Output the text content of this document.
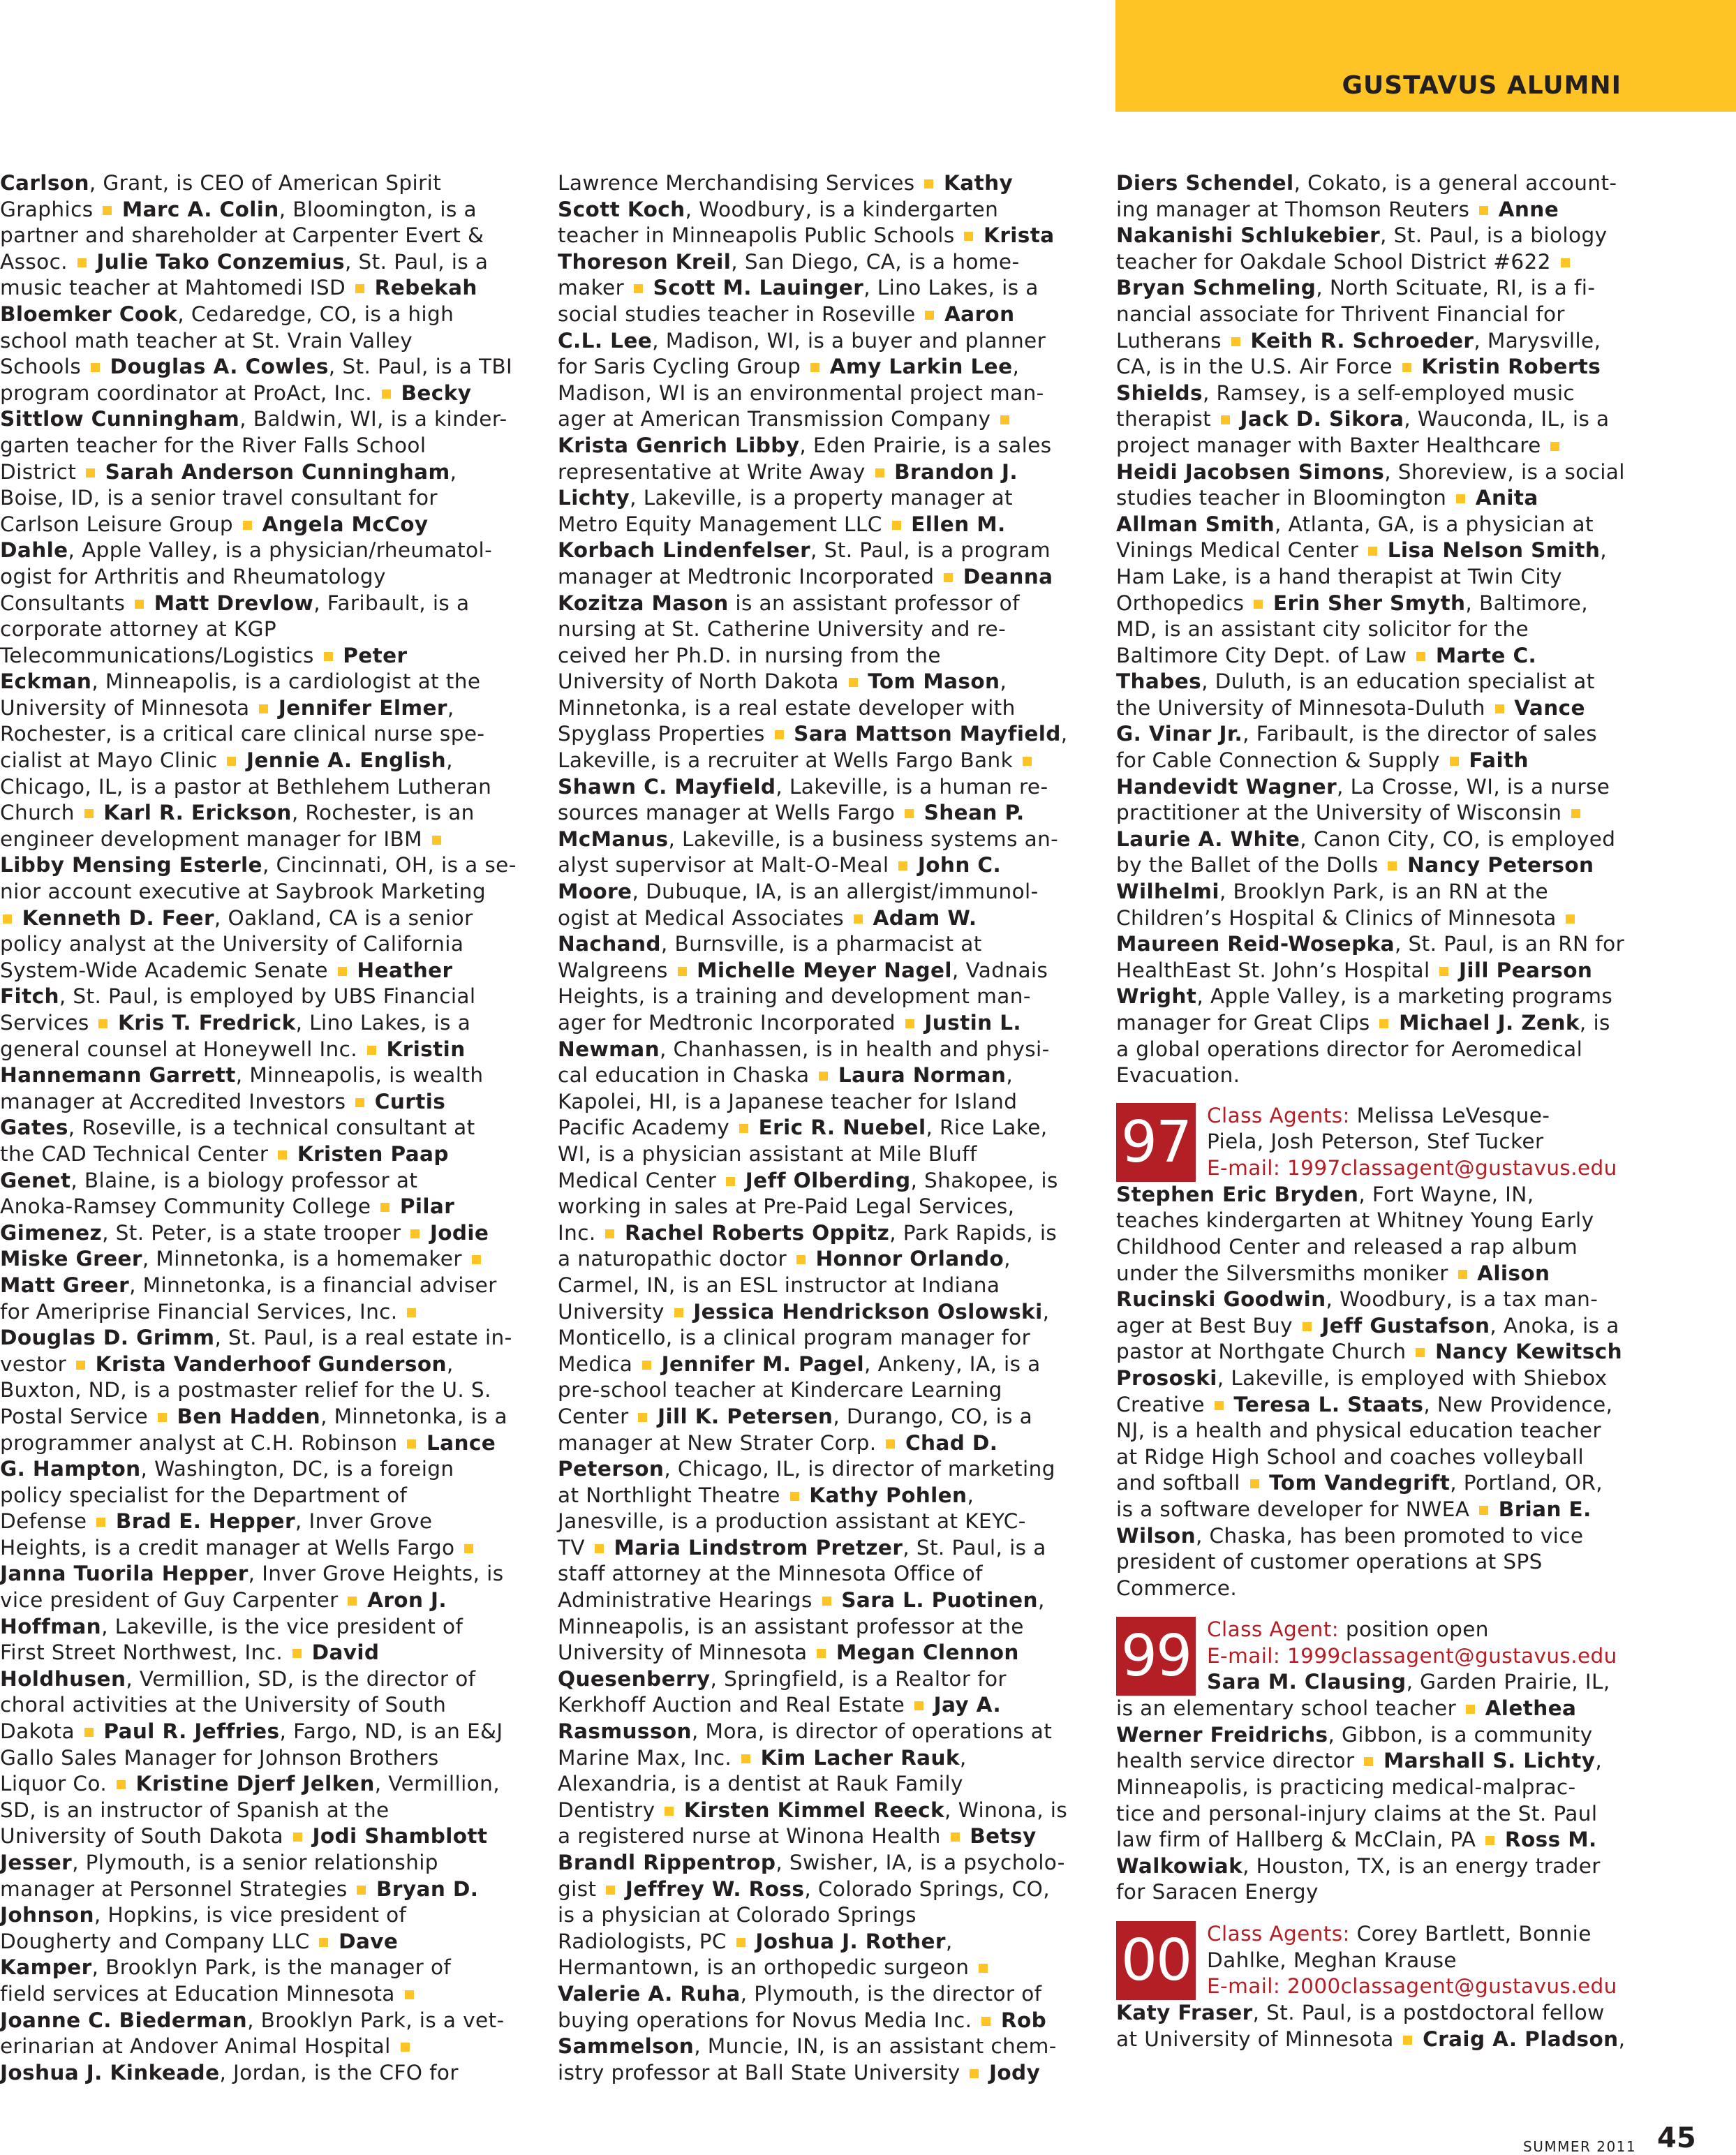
GUSTAVUS ALUMNI
Carlson, Grant, is CEO of American Spirit
Graphics  Marc A. Colin, Bloomington, is a
partner and shareholder at Carpenter Evert &
Assoc.  Julie Tako Conzemius, St. Paul, is a
music teacher at Mahtomedi ISD  Rebekah
Bloemker Cook, Cedaredge, CO, is a high
school math teacher at St. Vrain Valley
Schools  Douglas A. Cowles, St. Paul, is a TBI
program coordinator at ProAct, Inc.  Becky
Sittlow Cunningham, Baldwin, WI, is a kinder-
garten teacher for the River Falls School
District  Sarah Anderson Cunningham,
Boise, ID, is a senior travel consultant for
Carlson Leisure Group  Angela McCoy
Dahle, Apple Valley, is a physician/rheumatol-
ogist for Arthritis and Rheumatology
Consultants  Matt Drevlow, Faribault, is a
corporate attorney at KGP
Telecommunications/Logistics  Peter
Eckman, Minneapolis, is a cardiologist at the
University of Minnesota  Jennifer Elmer,
Rochester, is a critical care clinical nurse spe-
cialist at Mayo Clinic  Jennie A. English,
Chicago, IL, is a pastor at Bethlehem Lutheran
Church  Karl R. Erickson, Rochester, is an
engineer development manager for IBM
Libby Mensing Esterle, Cincinnati, OH, is a se-
nior account executive at Saybrook Marketing
Kenneth D. Feer, Oakland, CA is a senior
policy analyst at the University of California
System-Wide Academic Senate  Heather
Fitch, St. Paul, is employed by UBS Financial
Services  Kris T. Fredrick, Lino Lakes, is a
general counsel at Honeywell Inc.  Kristin
Hannemann Garrett, Minneapolis, is wealth
manager at Accredited Investors  Curtis
Gates, Roseville, is a technical consultant at
the CAD Technical Center  Kristen Paap
Genet, Blaine, is a biology professor at
Anoka-Ramsey Community College  Pilar
Gimenez, St. Peter, is a state trooper  Jodie
Miske Greer, Minnetonka, is a homemaker
Matt Greer, Minnetonka, is a financial adviser
for Ameriprise Financial Services, Inc.
Douglas D. Grimm, St. Paul, is a real estate in-
vestor  Krista Vanderhoof Gunderson,
Buxton, ND, is a postmaster relief for the U. S.
Postal Service  Ben Hadden, Minnetonka, is a
programmer analyst at C.H. Robinson  Lance
G. Hampton, Washington, DC, is a foreign
policy specialist for the Department of
Defense  Brad E. Hepper, Inver Grove
Heights, is a credit manager at Wells Fargo
Janna Tuorila Hepper, Inver Grove Heights, is
vice president of Guy Carpenter  Aron J.
Hoffman, Lakeville, is the vice president of
First Street Northwest, Inc.  David
Holdhusen, Vermillion, SD, is the director of
choral activities at the University of South
Dakota  Paul R. Jeffries, Fargo, ND, is an E&J
Gallo Sales Manager for Johnson Brothers
Liquor Co.  Kristine Djerf Jelken, Vermillion,
SD, is an instructor of Spanish at the
University of South Dakota  Jodi Shamblott
Jesser, Plymouth, is a senior relationship
manager at Personnel Strategies  Bryan D.
Johnson, Hopkins, is vice president of
Dougherty and Company LLC  Dave
Kamper, Brooklyn Park, is the manager of
field services at Education Minnesota
Joanne C. Biederman, Brooklyn Park, is a vet-
erinarian at Andover Animal Hospital
Joshua J. Kinkeade, Jordan, is the CFO for
Lawrence Merchandising Services  Kathy
Scott Koch, Woodbury, is a kindergarten
teacher in Minneapolis Public Schools  Krista
Thoreson Kreil, San Diego, CA, is a home-
maker  Scott M. Lauinger, Lino Lakes, is a
social studies teacher in Roseville  Aaron
C.L. Lee, Madison, WI, is a buyer and planner
for Saris Cycling Group  Amy Larkin Lee,
Madison, WI is an environmental project man-
ager at American Transmission Company
Krista Genrich Libby, Eden Prairie, is a sales
representative at Write Away  Brandon J.
Lichty, Lakeville, is a property manager at
Metro Equity Management LLC  Ellen M.
Korbach Lindenfelser, St. Paul, is a program
manager at Medtronic Incorporated  Deanna
Kozitza Mason is an assistant professor of
nursing at St. Catherine University and re-
ceived her Ph.D. in nursing from the
University of North Dakota  Tom Mason,
Minnetonka, is a real estate developer with
Spyglass Properties  Sara Mattson Mayfield,
Lakeville, is a recruiter at Wells Fargo Bank
Shawn C. Mayfield, Lakeville, is a human re-
sources manager at Wells Fargo  Shean P.
McManus, Lakeville, is a business systems an-
alyst supervisor at Malt-O-Meal  John C.
Moore, Dubuque, IA, is an allergist/immunol-
ogist at Medical Associates  Adam W.
Nachand, Burnsville, is a pharmacist at
Walgreens  Michelle Meyer Nagel, Vadnais
Heights, is a training and development man-
ager for Medtronic Incorporated  Justin L.
Newman, Chanhassen, is in health and physi-
cal education in Chaska  Laura Norman,
Kapolei, HI, is a Japanese teacher for Island
Pacific Academy  Eric R. Nuebel, Rice Lake,
WI, is a physician assistant at Mile Bluff
Medical Center  Jeff Olberding, Shakopee, is
working in sales at Pre-Paid Legal Services,
Inc.  Rachel Roberts Oppitz, Park Rapids, is
a naturopathic doctor  Honnor Orlando,
Carmel, IN, is an ESL instructor at Indiana
University  Jessica Hendrickson Oslowski,
Monticello, is a clinical program manager for
Medica  Jennifer M. Pagel, Ankeny, IA, is a
pre-school teacher at Kindercare Learning
Center  Jill K. Petersen, Durango, CO, is a
manager at New Strater Corp.  Chad D.
Peterson, Chicago, IL, is director of marketing
at Northlight Theatre  Kathy Pohlen,
Janesville, is a production assistant at KEYC-
TV  Maria Lindstrom Pretzer, St. Paul, is a
staff attorney at the Minnesota Office of
Administrative Hearings  Sara L. Puotinen,
Minneapolis, is an assistant professor at the
University of Minnesota  Megan Clennon
Quesenberry, Springfield, is a Realtor for
Kerkhoff Auction and Real Estate  Jay A.
Rasmusson, Mora, is director of operations at
Marine Max, Inc.  Kim Lacher Rauk,
Alexandria, is a dentist at Rauk Family
Dentistry  Kirsten Kimmel Reeck, Winona, is
a registered nurse at Winona Health  Betsy
Brandl Rippentrop, Swisher, IA, is a psycholo-
gist  Jeffrey W. Ross, Colorado Springs, CO,
is a physician at Colorado Springs
Radiologists, PC  Joshua J. Rother,
Hermantown, is an orthopedic surgeon
Valerie A. Ruha, Plymouth, is the director of
buying operations for Novus Media Inc.  Rob
Sammelson, Muncie, IN, is an assistant chem-
istry professor at Ball State University  Jody
Diers Schendel, Cokato, is a general account-
ing manager at Thomson Reuters  Anne
Nakanishi Schlukebier, St. Paul, is a biology
teacher for Oakdale School District #622
Bryan Schmeling, North Scituate, RI, is a fi-
nancial associate for Thrivent Financial for
Lutherans  Keith R. Schroeder, Marysville,
CA, is in the U.S. Air Force  Kristin Roberts
Shields, Ramsey, is a self-employed music
therapist  Jack D. Sikora, Wauconda, IL, is a
project manager with Baxter Healthcare
Heidi Jacobsen Simons, Shoreview, is a social
studies teacher in Bloomington  Anita
Allman Smith, Atlanta, GA, is a physician at
Vinings Medical Center  Lisa Nelson Smith,
Ham Lake, is a hand therapist at Twin City
Orthopedics  Erin Sher Smyth, Baltimore,
MD, is an assistant city solicitor for the
Baltimore City Dept. of Law  Marte C.
Thabes, Duluth, is an education specialist at
the University of Minnesota-Duluth  Vance
G. Vinar Jr., Faribault, is the director of sales
for Cable Connection & Supply  Faith
Handevidt Wagner, La Crosse, WI, is a nurse
practitioner at the University of Wisconsin
Laurie A. White, Canon City, CO, is employed
by the Ballet of the Dolls  Nancy Peterson
Wilhelmi, Brooklyn Park, is an RN at the
Children’s Hospital & Clinics of Minnesota
Maureen Reid-Wosepka, St. Paul, is an RN for
HealthEast St. John’s Hospital  Jill Pearson
Wright, Apple Valley, is a marketing programs
manager for Great Clips  Michael J. Zenk, is
a global operations director for Aeromedical
Evacuation.
97 Class Agents: Melissa LeVesque-
Piela, Josh Peterson, Stef Tucker
E-mail: 1997classagent@gustavus.edu
Stephen Eric Bryden, Fort Wayne, IN,
teaches kindergarten at Whitney Young Early
Childhood Center and released a rap album
under the Silversmiths moniker  Alison
Rucinski Goodwin, Woodbury, is a tax man-
ager at Best Buy  Jeff Gustafson, Anoka, is a
pastor at Northgate Church  Nancy Kewitsch
Prososki, Lakeville, is employed with Shiebox
Creative  Teresa L. Staats, New Providence,
NJ, is a health and physical education teacher
at Ridge High School and coaches volleyball
and softball  Tom Vandegrift, Portland, OR,
is a software developer for NWEA  Brian E.
Wilson, Chaska, has been promoted to vice
president of customer operations at SPS
Commerce.
99 Class Agent: position open
E-mail: 1999classagent@gustavus.edu
Sara M. Clausing, Garden Prairie, IL,
is an elementary school teacher  Alethea
Werner Freidrichs, Gibbon, is a community
health service director  Marshall S. Lichty,
Minneapolis, is practicing medical-malprac-
tice and personal-injury claims at the St. Paul
law firm of Hallberg & McClain, PA  Ross M.
Walkowiak, Houston, TX, is an energy trader
for Saracen Energy
00 Class Agents: Corey Bartlett, Bonnie
Dahlke, Meghan Krause
E-mail: 2000classagent@gustavus.edu
Katy Fraser, St. Paul, is a postdoctoral fellow
at University of Minnesota  Craig A. Pladson,
SUMMER 2011 45
